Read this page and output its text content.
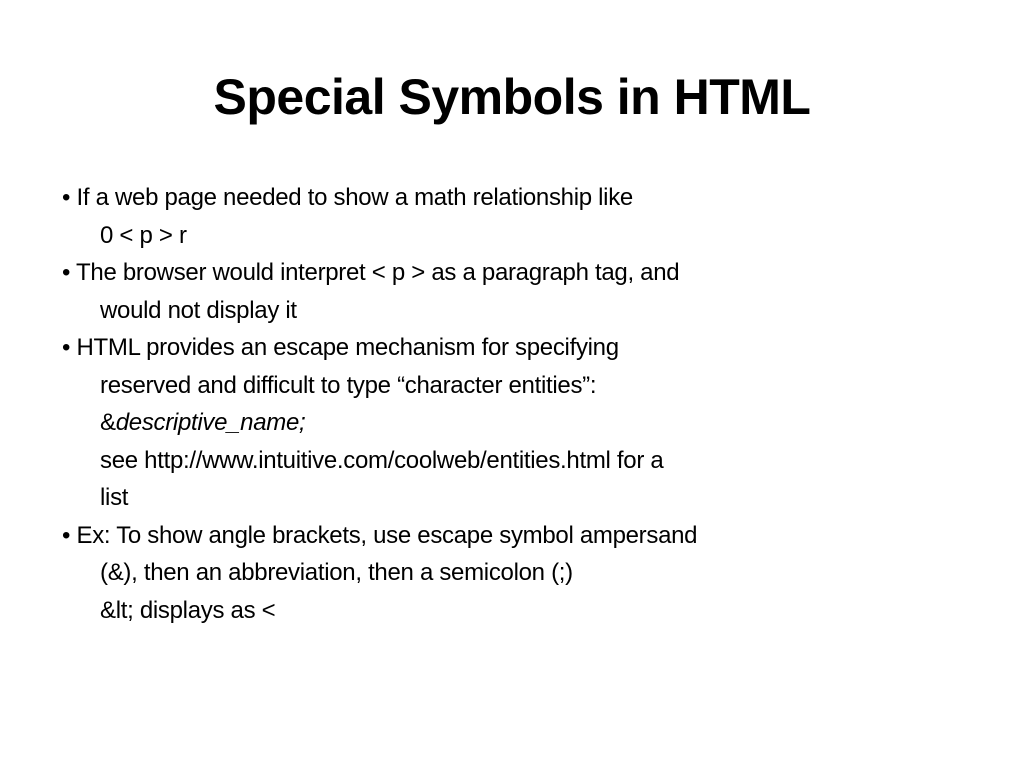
Special Symbols in HTML
• If a web page needed to show a math relationship like
0 < p > r
• The browser would interpret < p > as a paragraph tag, and
would not display it
• HTML provides an escape mechanism for specifying
reserved and difficult to type “character entities”:
&descriptive_name;
see http://www.intuitive.com/coolweb/entities.html for a
list
• Ex: To show angle brackets, use escape symbol ampersand
(&), then an abbreviation, then a semicolon (;)
&lt; displays as <
